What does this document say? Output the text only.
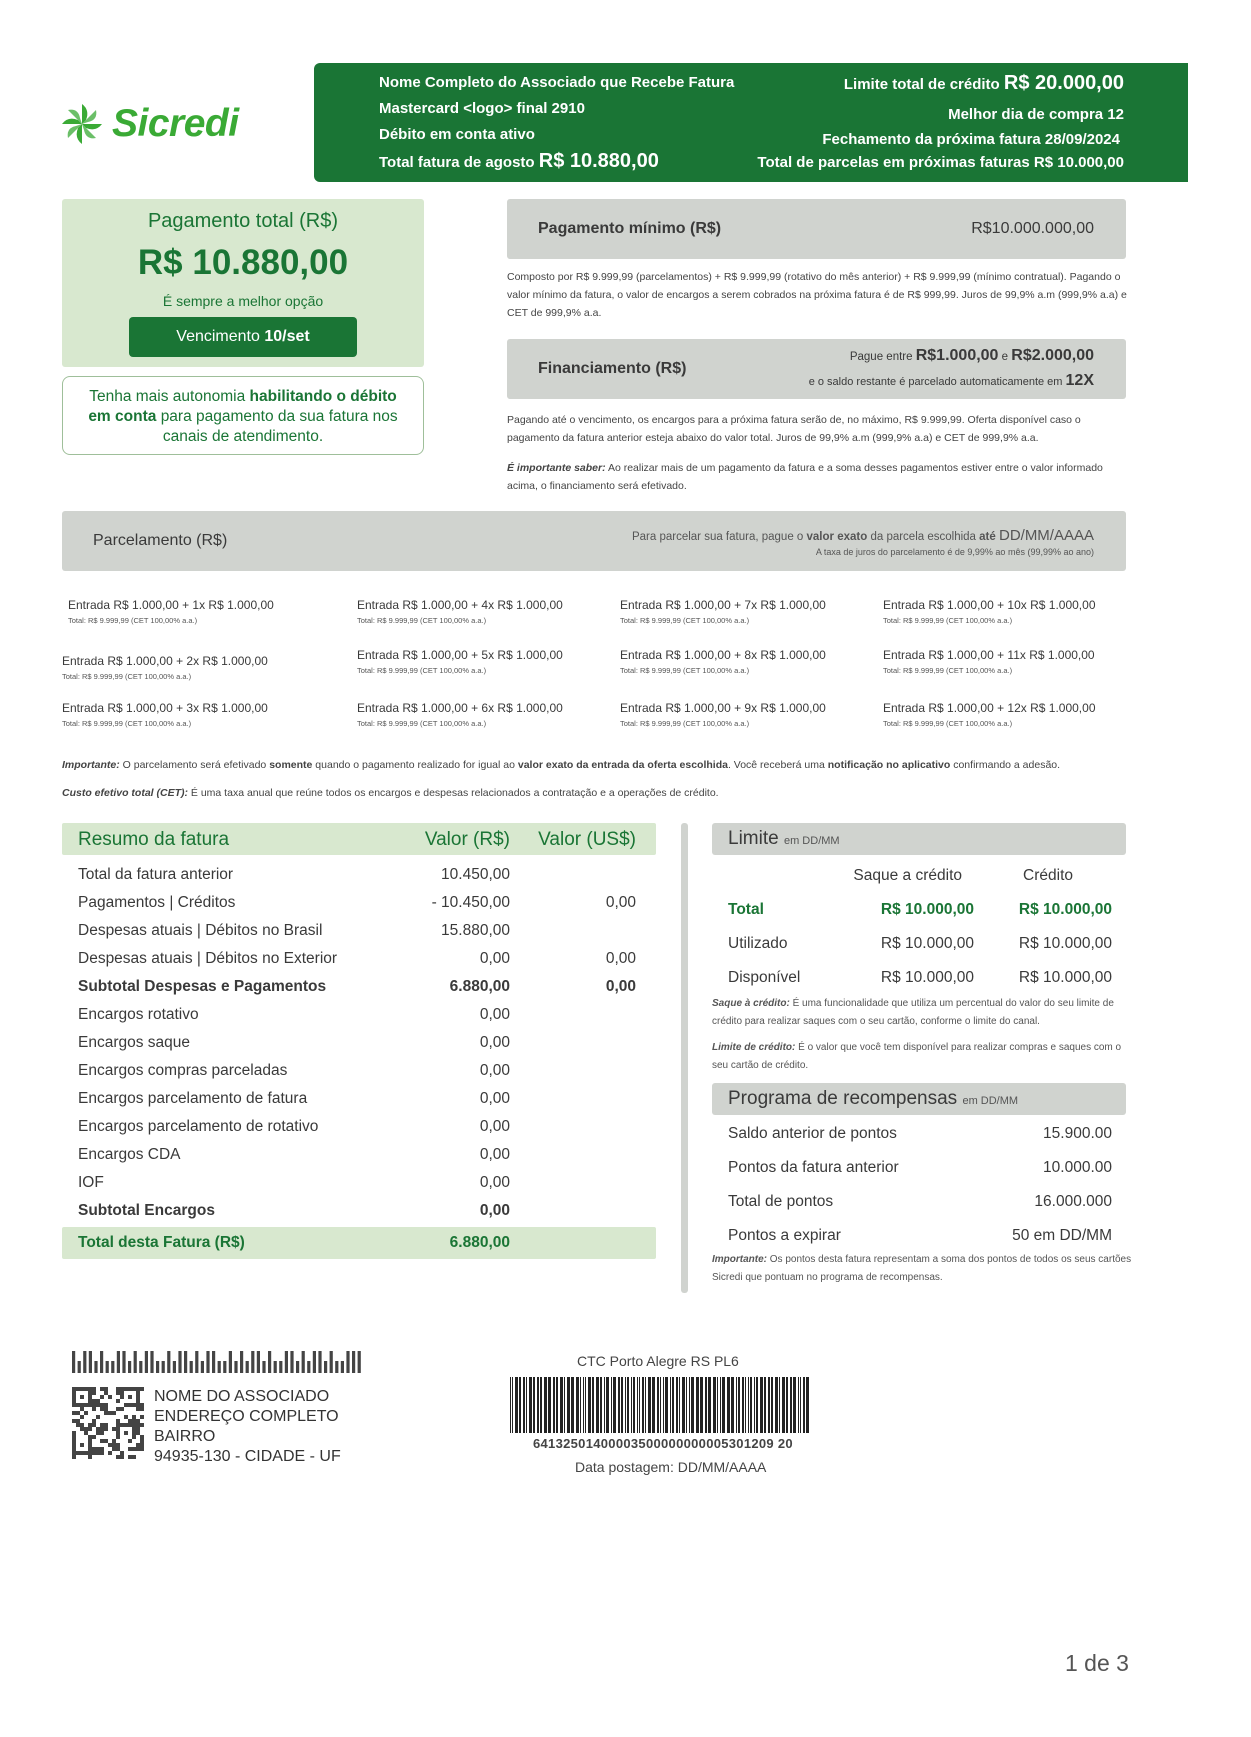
Sicredi
Nome Completo do Associado que Recebe Fatura
Mastercard <logo> final 2910
Débito em conta ativo
Total fatura de agosto R$ 10.880,00
Limite total de crédito R$ 20.000,00
Melhor dia de compra 12
Fechamento da próxima fatura 28/09/2024
Total de parcelas em próximas faturas R$ 10.000,00
Pagamento total (R$)
R$ 10.880,00
É sempre a melhor opção
Vencimento 10/set
Tenha mais autonomia habilitando o débito em conta para pagamento da sua fatura nos canais de atendimento.
Pagamento mínimo (R$)	R$10.000.000,00
Composto por R$ 9.999,99 (parcelamentos) + R$ 9.999,99 (rotativo do mês anterior) + R$ 9.999,99 (mínimo contratual). Pagando o valor mínimo da fatura, o valor de encargos a serem cobrados na próxima fatura é de R$ 999,99. Juros de 99,9% a.m (999,9% a.a) e CET de 999,9% a.a.
Financiamento (R$)
Pague entre R$1.000,00 e R$2.000,00
e o saldo restante é parcelado automaticamente em 12X
Pagando até o vencimento, os encargos para a próxima fatura serão de, no máximo, R$ 9.999,99. Oferta disponível caso o pagamento da fatura anterior esteja abaixo do valor total. Juros de 99,9% a.m (999,9% a.a) e CET de 999,9% a.a.
É importante saber: Ao realizar mais de um pagamento da fatura e a soma desses pagamentos estiver entre o valor informado acima, o financiamento será efetivado.
Parcelamento (R$)	Para parcelar sua fatura, pague o valor exato da parcela escolhida até DD/MM/AAAA
A taxa de juros do parcelamento é de 9,99% ao mês (99,99% ao ano)
Entrada R$ 1.000,00 + 1x R$ 1.000,00
Total: R$ 9.999,99 (CET 100,00% a.a.)
Entrada R$ 1.000,00 + 2x R$ 1.000,00
Total: R$ 9.999,99 (CET 100,00% a.a.)
Entrada R$ 1.000,00 + 3x R$ 1.000,00
Total: R$ 9.999,99 (CET 100,00% a.a.)
Entrada R$ 1.000,00 + 4x R$ 1.000,00
Total: R$ 9.999,99 (CET 100,00% a.a.)
Entrada R$ 1.000,00 + 5x R$ 1.000,00
Total: R$ 9.999,99 (CET 100,00% a.a.)
Entrada R$ 1.000,00 + 6x R$ 1.000,00
Total: R$ 9.999,99 (CET 100,00% a.a.)
Entrada R$ 1.000,00 + 7x R$ 1.000,00
Total: R$ 9.999,99 (CET 100,00% a.a.)
Entrada R$ 1.000,00 + 8x R$ 1.000,00
Total: R$ 9.999,99 (CET 100,00% a.a.)
Entrada R$ 1.000,00 + 9x R$ 1.000,00
Total: R$ 9.999,99 (CET 100,00% a.a.)
Entrada R$ 1.000,00 + 10x R$ 1.000,00
Total: R$ 9.999,99 (CET 100,00% a.a.)
Entrada R$ 1.000,00 + 11x R$ 1.000,00
Total: R$ 9.999,99 (CET 100,00% a.a.)
Entrada R$ 1.000,00 + 12x R$ 1.000,00
Total: R$ 9.999,99 (CET 100,00% a.a.)
Importante: O parcelamento será efetivado somente quando o pagamento realizado for igual ao valor exato da entrada da oferta escolhida. Você receberá uma notificação no aplicativo confirmando a adesão.
Custo efetivo total (CET): É uma taxa anual que reúne todos os encargos e despesas relacionados a contratação e a operações de crédito.
Resumo da fatura	Valor (R$) Valor (US$)
Total da fatura anterior	10.450,00
Pagamentos | Créditos	- 10.450,00	0,00
Despesas atuais | Débitos no Brasil	15.880,00
Despesas atuais | Débitos no Exterior	0,00	0,00
Subtotal Despesas e Pagamentos	6.880,00	0,00
Encargos rotativo	0,00
Encargos saque	0,00
Encargos compras parceladas	0,00
Encargos parcelamento de fatura	0,00
Encargos parcelamento de rotativo	0,00
Encargos CDA	0,00
IOF	0,00
Subtotal Encargos	0,00
Total desta Fatura (R$)	6.880,00
Limite em DD/MM
Saque a crédito	Crédito
Total	R$ 10.000,00	R$ 10.000,00
Utilizado	R$ 10.000,00	R$ 10.000,00
Disponível	R$ 10.000,00	R$ 10.000,00
Saque à crédito: É uma funcionalidade que utiliza um percentual do valor do seu limite de crédito para realizar saques com o seu cartão, conforme o limite do canal.
Limite de crédito: É o valor que você tem disponível para realizar compras e saques com o seu cartão de crédito.
Programa de recompensas em DD/MM
Saldo anterior de pontos	15.900.00
Pontos da fatura anterior	10.000.00
Total de pontos	16.000.000
Pontos a expirar	50 em DD/MM
Importante: Os pontos desta fatura representam a soma dos pontos de todos os seus cartões Sicredi que pontuam no programa de recompensas.
NOME DO ASSOCIADO
ENDEREÇO COMPLETO
BAIRRO
94935-130 - CIDADE - UF
CTC Porto Alegre RS PL6
64132501400003500000000005301209 20
Data postagem: DD/MM/AAAA
1 de 3
